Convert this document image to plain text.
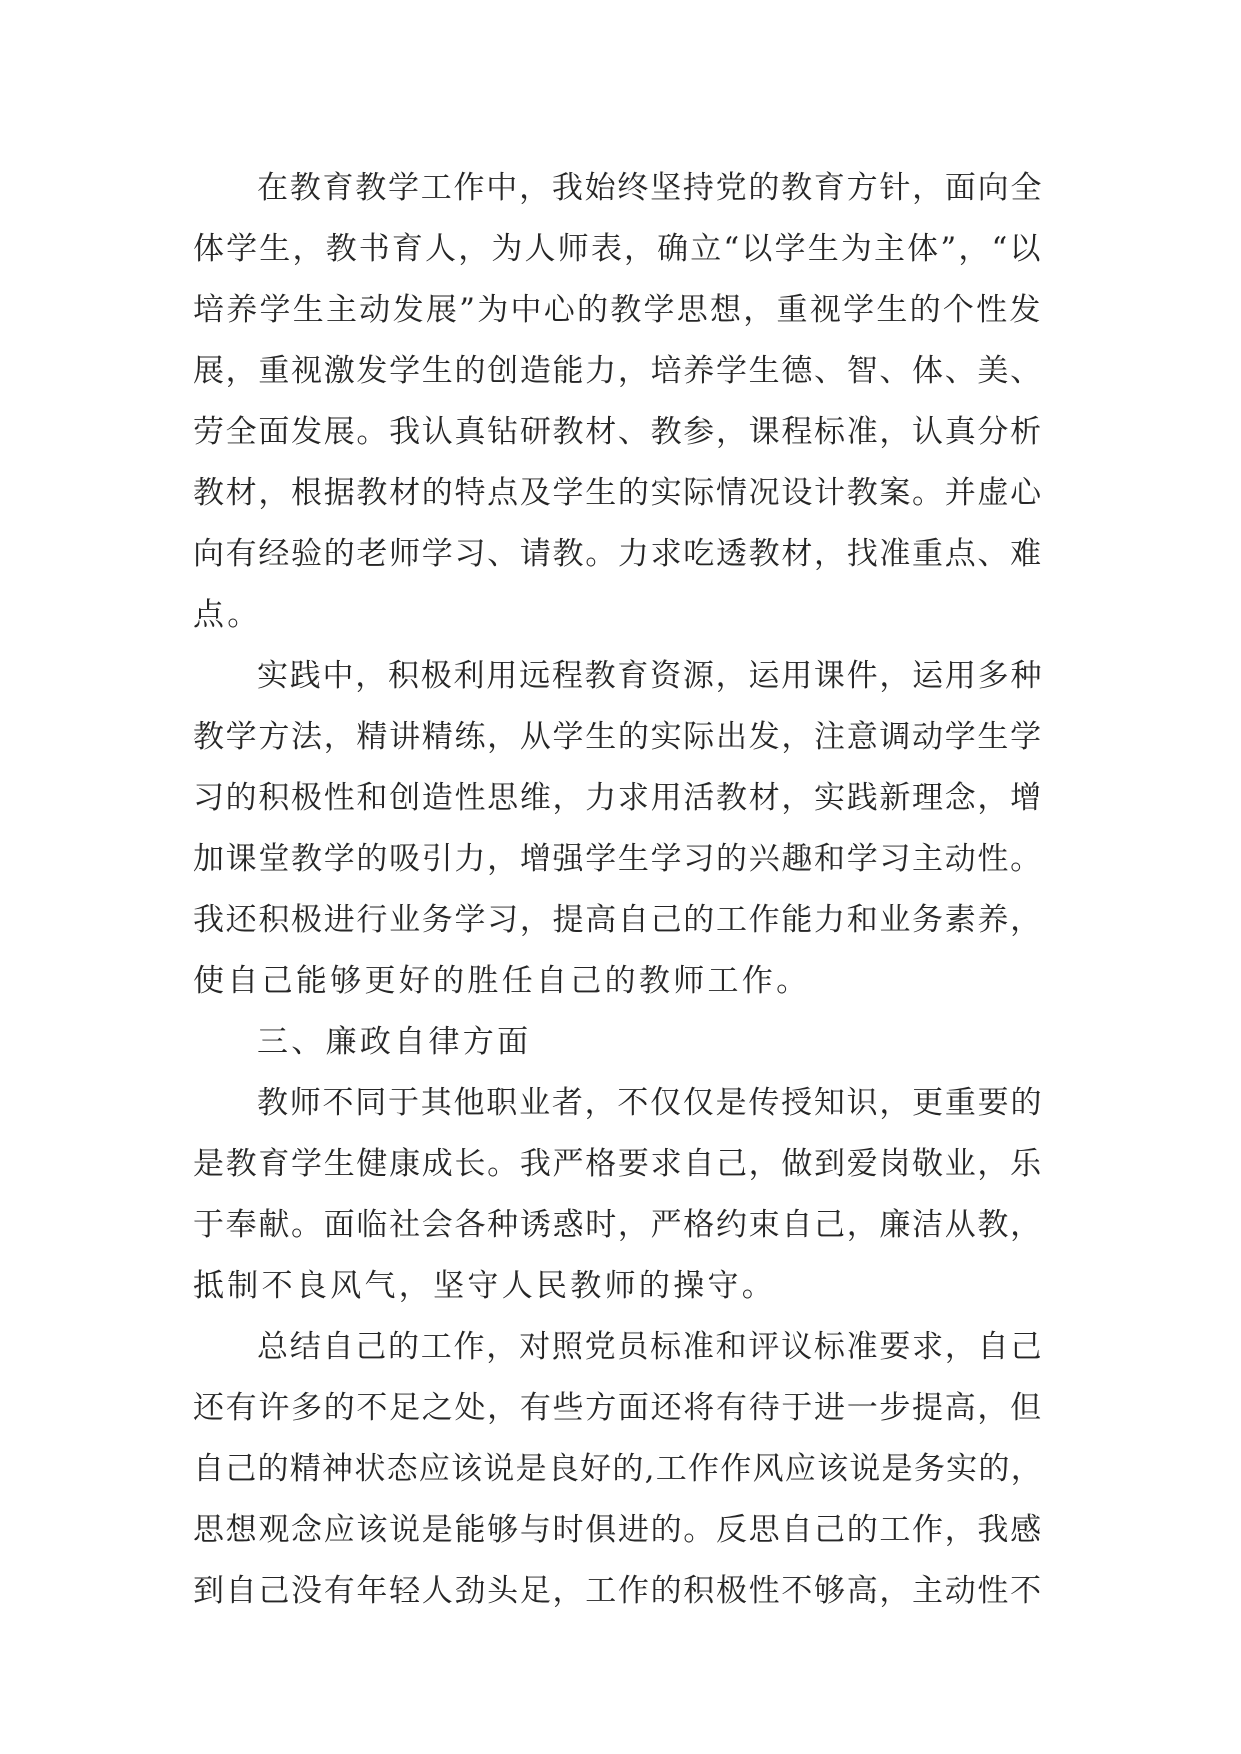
在教育教学工作中，我始终坚持党的教育方针，面向全
体学生，教书育人，为人师表，确立“以学生为主体”，“以
培养学生主动发展”为中心的教学思想，重视学生的个性发
展，重视激发学生的创造能力，培养学生德、智、体、美、
劳全面发展。我认真钻研教材、教参，课程标准，认真分析
教材，根据教材的特点及学生的实际情况设计教案。并虚心
向有经验的老师学习、请教。力求吃透教材，找准重点、难
点。
实践中，积极利用远程教育资源，运用课件，运用多种
教学方法，精讲精练，从学生的实际出发，注意调动学生学
习的积极性和创造性思维，力求用活教材，实践新理念，增
加课堂教学的吸引力，增强学生学习的兴趣和学习主动性。
我还积极进行业务学习，提高自己的工作能力和业务素养，
使自己能够更好的胜任自己的教师工作。
三、廉政自律方面
教师不同于其他职业者，不仅仅是传授知识，更重要的
是教育学生健康成长。我严格要求自己，做到爱岗敬业，乐
于奉献。面临社会各种诱惑时，严格约束自己，廉洁从教，
抵制不良风气，坚守人民教师的操守。
总结自己的工作，对照党员标准和评议标准要求，自己
还有许多的不足之处，有些方面还将有待于进一步提高，但
自己的精神状态应该说是良好的,工作作风应该说是务实的，
思想观念应该说是能够与时俱进的。反思自己的工作，我感
到自己没有年轻人劲头足，工作的积极性不够高，主动性不
